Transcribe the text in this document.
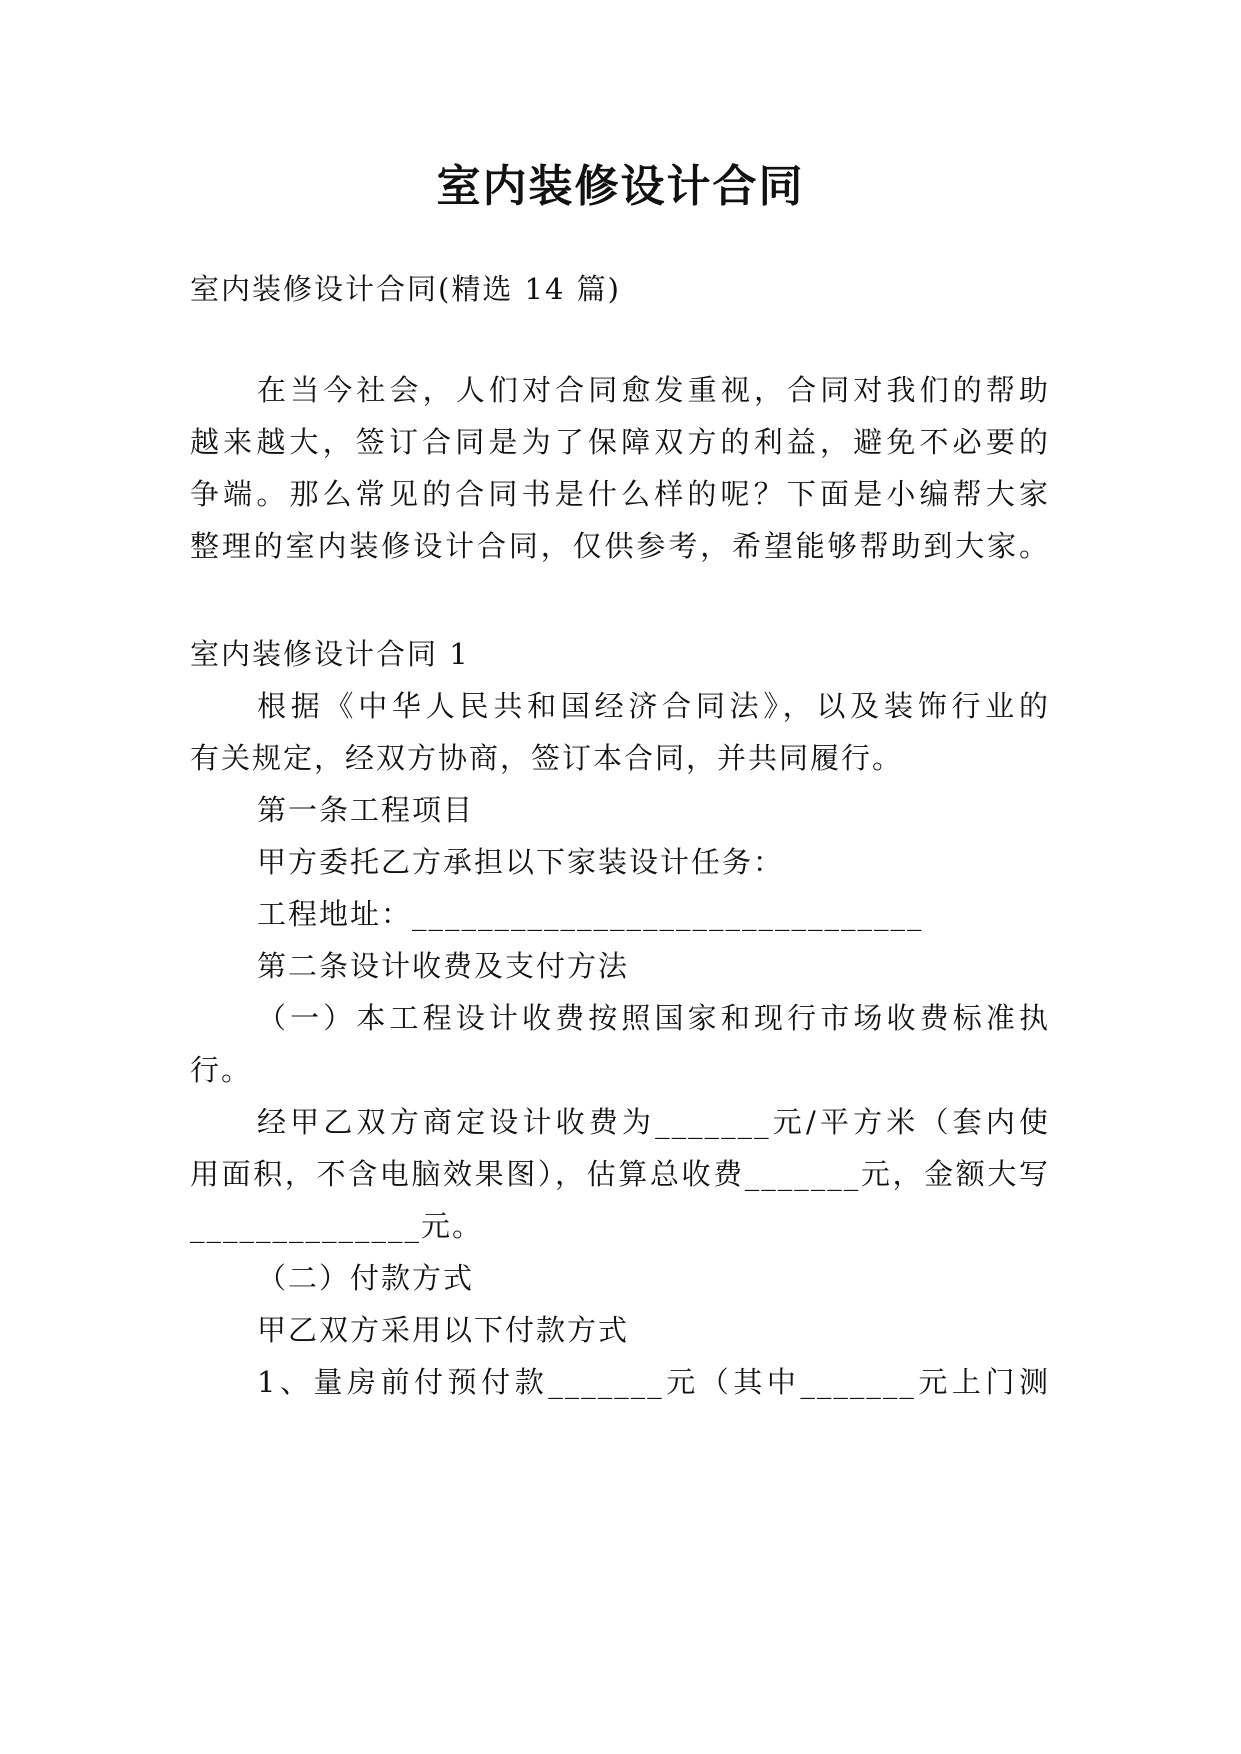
室内装修设计合同
室内装修设计合同(精选 14 篇)
在当今社会，人们对合同愈发重视，合同对我们的帮助
越来越大，签订合同是为了保障双方的利益，避免不必要的
争端。那么常见的合同书是什么样的呢？下面是小编帮大家
整理的室内装修设计合同，仅供参考，希望能够帮助到大家。
室内装修设计合同 1
根据《中华人民共和国经济合同法》，以及装饰行业的
有关规定，经双方协商，签订本合同，并共同履行。
第一条工程项目
甲方委托乙方承担以下家装设计任务：
工程地址：_______________________________
第二条设计收费及支付方法
（一）本工程设计收费按照国家和现行市场收费标准执
行。
经甲乙双方商定设计收费为_______元/平方米（套内使
用面积，不含电脑效果图），估算总收费_______元，金额大写
______________元。
（二）付款方式
甲乙双方采用以下付款方式
1、量房前付预付款_______元（其中_______元上门测
